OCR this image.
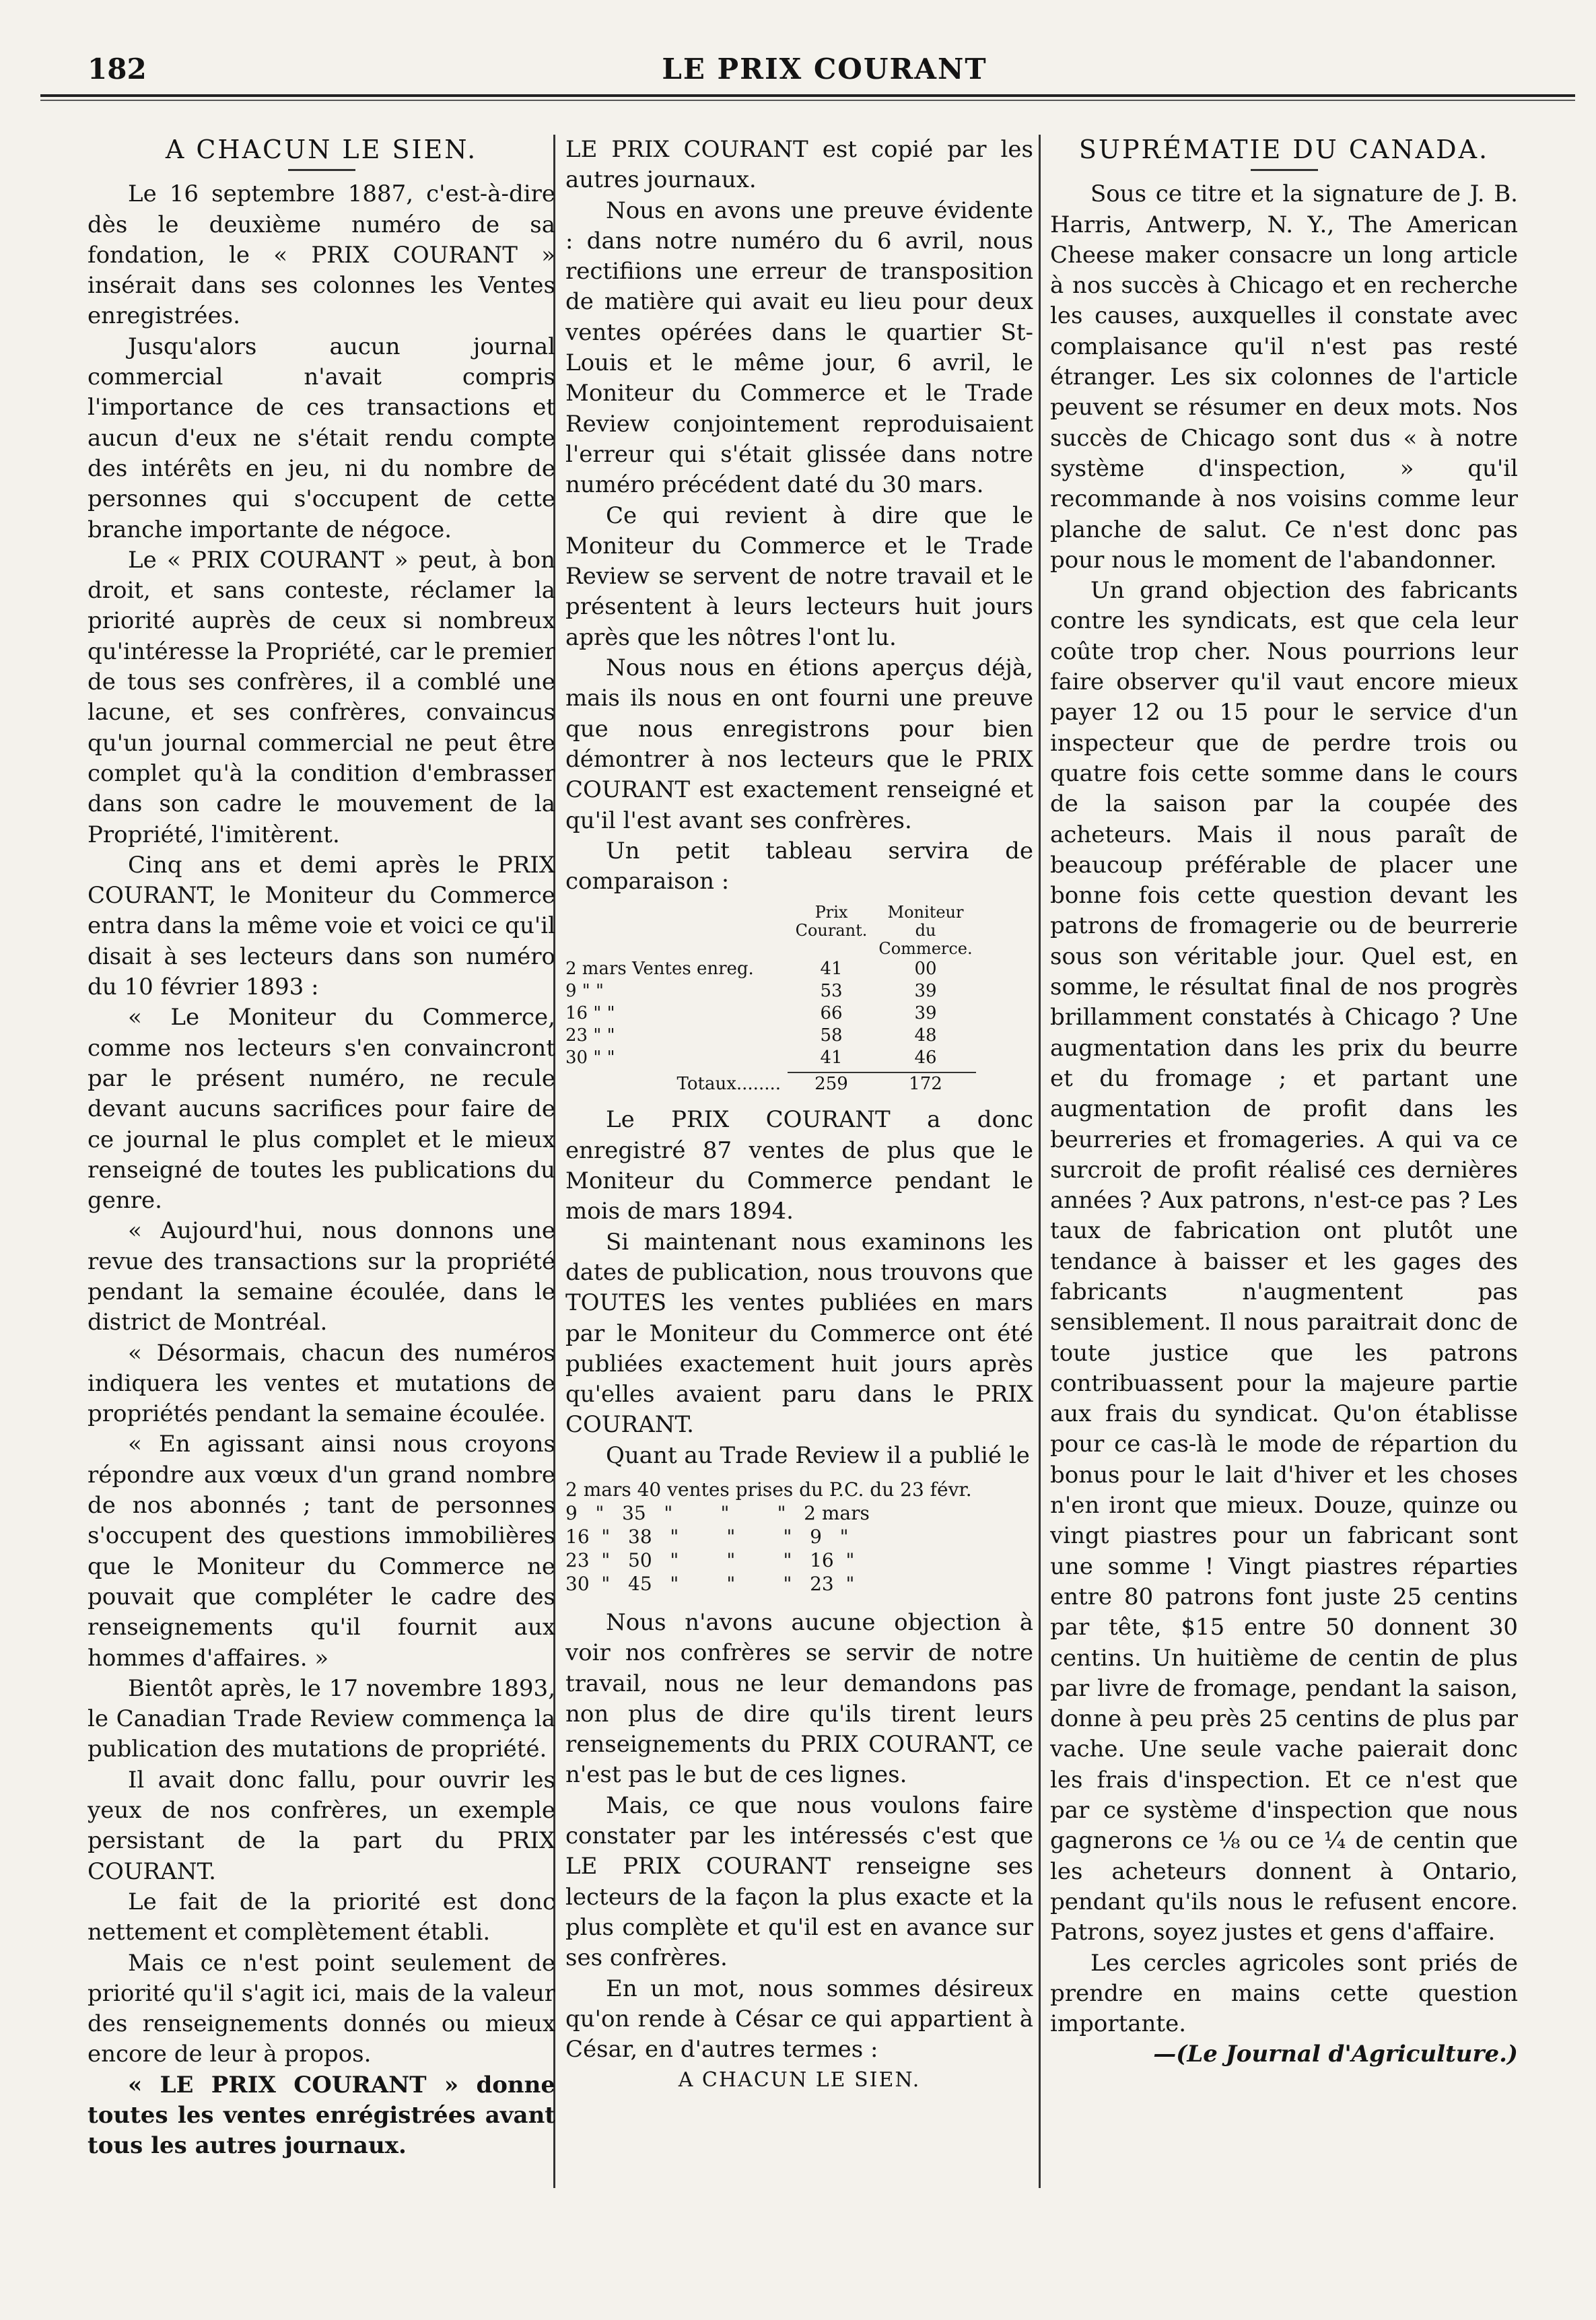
182	LE PRIX COURANT
A CHACUN LE SIEN.

Le 16 septembre 1887, c'est-à-dire dès le deuxième numéro de sa fondation, le « PRIX COURANT » insérait dans ses colonnes les Ventes enregistrées.

Jusqu'alors aucun journal commercial n'avait compris l'importance de ces transactions et aucun d'eux ne s'était rendu compte des intérêts en jeu, ni du nombre de personnes qui s'occupent de cette branche importante de négoce.

Le « PRIX COURANT » peut, à bon droit, et sans conteste, réclamer la priorité auprès de ceux si nombreux qu'intéresse la Propriété, car le premier de tous ses confrères, il a comblé une lacune, et ses confrères, convaincus qu'un journal commercial ne peut être complet qu'à la condition d'embrasser dans son cadre le mouvement de la Propriété, l'imitèrent.

Cinq ans et demi après le PRIX COURANT, le Moniteur du Commerce entra dans la même voie et voici ce qu'il disait à ses lecteurs dans son numéro du 10 février 1893 :

« Le Moniteur du Commerce, comme nos lecteurs s'en convaincront par le présent numéro, ne recule devant aucuns sacrifices pour faire de ce journal le plus complet et le mieux renseigné de toutes les publications du genre.

« Aujourd'hui, nous donnons une revue des transactions sur la propriété pendant la semaine écoulée, dans le district de Montréal.

« Désormais, chacun des numéros indiquera les ventes et mutations de propriétés pendant la semaine écoulée.

« En agissant ainsi nous croyons répondre aux vœux d'un grand nombre de nos abonnés ; tant de personnes s'occupent des questions immobilières que le Moniteur du Commerce ne pouvait que compléter le cadre des renseignements qu'il fournit aux hommes d'affaires. »

Bientôt après, le 17 novembre 1893, le Canadian Trade Review commença la publication des mutations de propriété.

Il avait donc fallu, pour ouvrir les yeux de nos confrères, un exemple persistant de la part du PRIX COURANT.

Le fait de la priorité est donc nettement et complètement établi.

Mais ce n'est point seulement de priorité qu'il s'agit ici, mais de la valeur des renseignements donnés ou mieux encore de leur à propos.

« LE PRIX COURANT » donne toutes les ventes enrégistrées avant tous les autres journaux.

LE PRIX COURANT est copié par les autres journaux.

Nous en avons une preuve évidente : dans notre numéro du 6 avril, nous rectifiions une erreur de transposition de matière qui avait eu lieu pour deux ventes opérées dans le quartier St-Louis et le même jour, 6 avril, le Moniteur du Commerce et le Trade Review conjointement reproduisaient l'erreur qui s'était glissée dans notre numéro précédent daté du 30 mars.

Ce qui revient à dire que le Moniteur du Commerce et le Trade Review se servent de notre travail et le présentent à leurs lecteurs huit jours après que les nôtres l'ont lu.

Nous nous en étions aperçus déjà, mais ils nous en ont fourni une preuve que nous enregistrons pour bien démontrer à nos lecteurs que le PRIX COURANT est exactement renseigné et qu'il l'est avant ses confrères.

Un petit tableau servira de comparaison :

Prix Courant.
Moniteur du Commerce.
2 mars Ventes enreg.	41	00
9 " "	53	39
16 " "	66	39
23 " "	58	48
30 " "	41	46
Totaux........	259	172

Le PRIX COURANT a donc enregistré 87 ventes de plus que le Moniteur du Commerce pendant le mois de mars 1894.

Si maintenant nous examinons les dates de publication, nous trouvons que TOUTES les ventes publiées en mars par le Moniteur du Commerce ont été publiées exactement huit jours après qu'elles avaient paru dans le PRIX COURANT.

Quant au Trade Review il a publié le

2 mars 40 ventes prises du P.C. du 23 févr.
9   "   35   "        "        "   2 mars
16  "   38   "        "        "   9   "
23  "   50   "        "        "   16  "
30  "   45   "        "        "   23  "

Nous n'avons aucune objection à voir nos confrères se servir de notre travail, nous ne leur demandons pas non plus de dire qu'ils tirent leurs renseignements du PRIX COURANT, ce n'est pas le but de ces lignes.

Mais, ce que nous voulons faire constater par les intéressés c'est que LE PRIX COURANT renseigne ses lecteurs de la façon la plus exacte et la plus complète et qu'il est en avance sur ses confrères.

En un mot, nous sommes désireux qu'on rende à César ce qui appartient à César, en d'autres termes :

A CHACUN LE SIEN.

SUPRÉMATIE DU CANADA.

Sous ce titre et la signature de J. B. Harris, Antwerp, N. Y., The American Cheese maker consacre un long article à nos succès à Chicago et en recherche les causes, auxquelles il constate avec complaisance qu'il n'est pas resté étranger. Les six colonnes de l'article peuvent se résumer en deux mots. Nos succès de Chicago sont dus « à notre système d'inspection, » qu'il recommande à nos voisins comme leur planche de salut. Ce n'est donc pas pour nous le moment de l'abandonner.

Un grand objection des fabricants contre les syndicats, est que cela leur coûte trop cher. Nous pourrions leur faire observer qu'il vaut encore mieux payer 12 ou 15 pour le service d'un inspecteur que de perdre trois ou quatre fois cette somme dans le cours de la saison par la coupée des acheteurs. Mais il nous paraît de beaucoup préférable de placer une bonne fois cette question devant les patrons de fromagerie ou de beurrerie sous son véritable jour. Quel est, en somme, le résultat final de nos progrès brillamment constatés à Chicago ? Une augmentation dans les prix du beurre et du fromage ; et partant une augmentation de profit dans les beurreries et fromageries. A qui va ce surcroit de profit réalisé ces dernières années ? Aux patrons, n'est-ce pas ? Les taux de fabrication ont plutôt une tendance à baisser et les gages des fabricants n'augmentent pas sensiblement. Il nous paraitrait donc de toute justice que les patrons contribuassent pour la majeure partie aux frais du syndicat. Qu'on établisse pour ce cas-là le mode de répartion du bonus pour le lait d'hiver et les choses n'en iront que mieux. Douze, quinze ou vingt piastres pour un fabricant sont une somme ! Vingt piastres réparties entre 80 patrons font juste 25 centins par tête, $15 entre 50 donnent 30 centins. Un huitième de centin de plus par livre de fromage, pendant la saison, donne à peu près 25 centins de plus par vache. Une seule vache paierait donc les frais d'inspection. Et ce n'est que par ce système d'inspection que nous gagnerons ce ⅛ ou ce ¼ de centin que les acheteurs donnent à Ontario, pendant qu'ils nous le refusent encore. Patrons, soyez justes et gens d'affaire.

Les cercles agricoles sont priés de prendre en mains cette question importante.

—(Le Journal d'Agriculture.)
